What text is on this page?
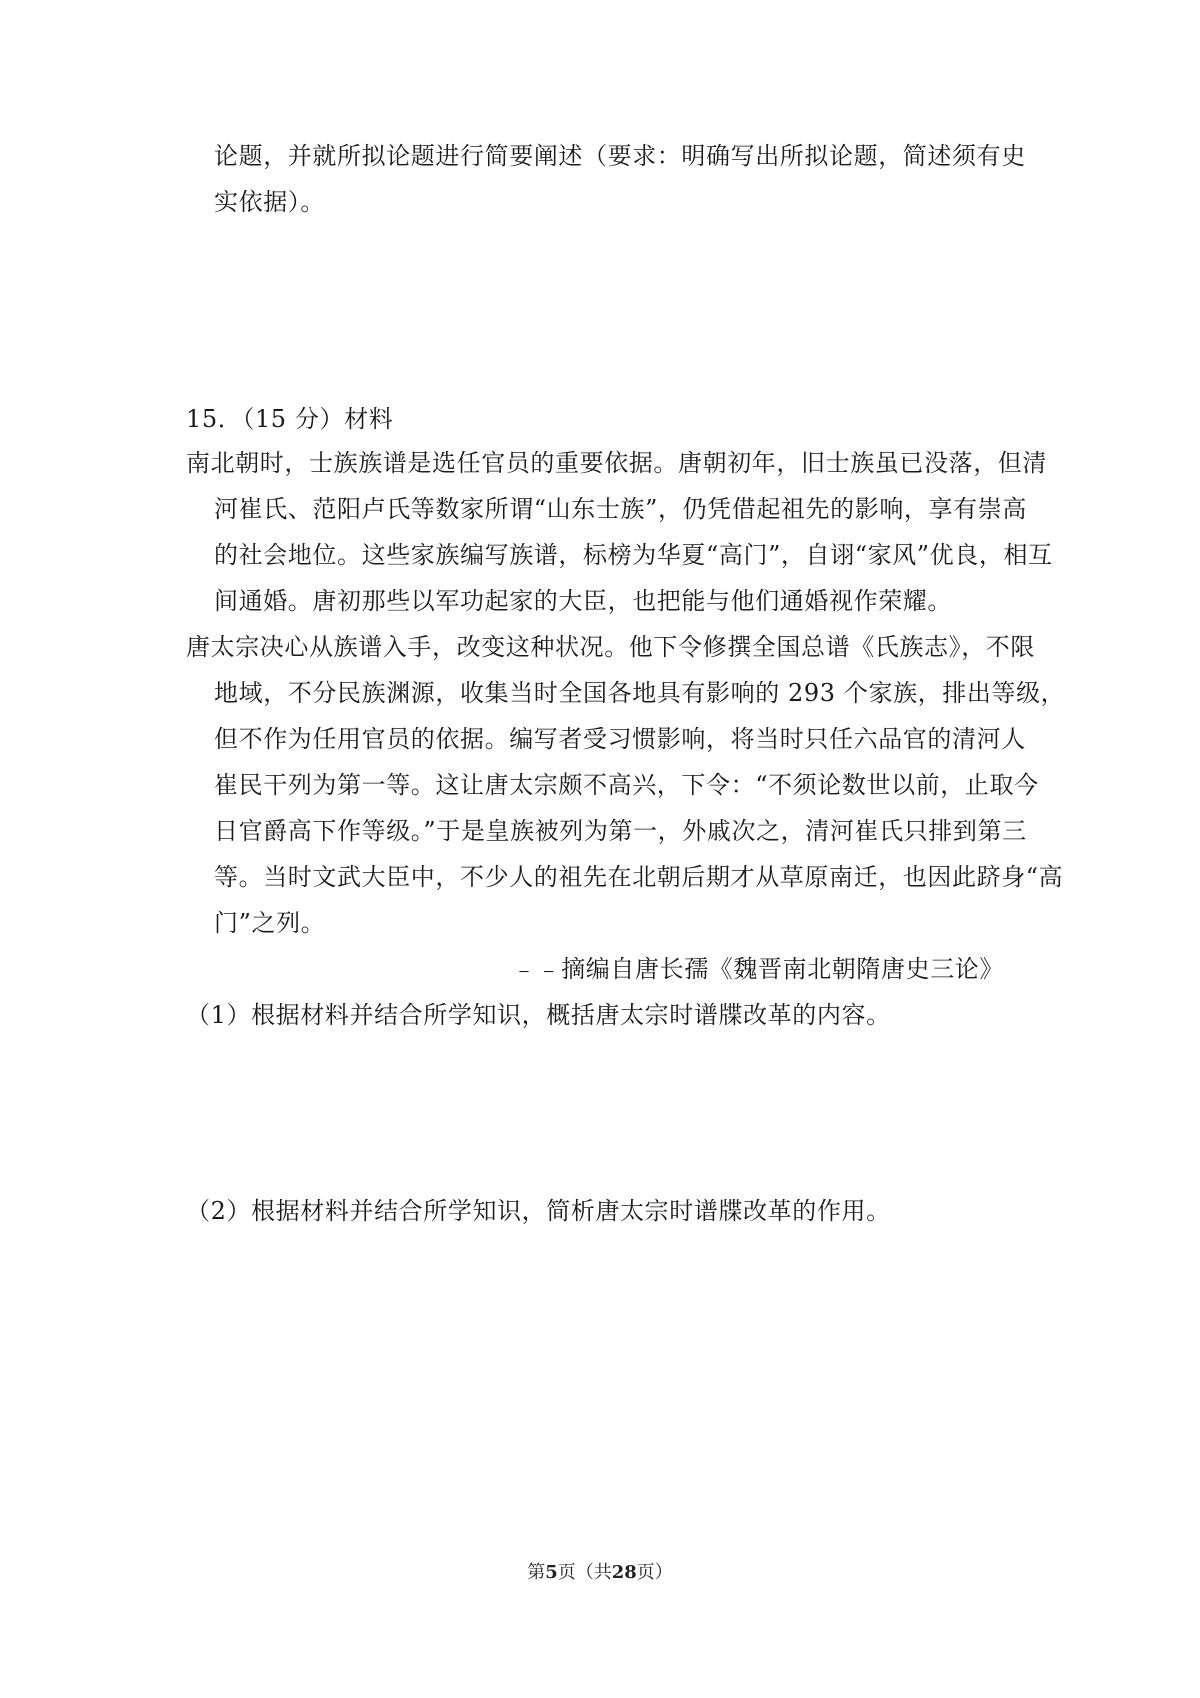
论题，并就所拟论题进行简要阐述（要求：明确写出所拟论题，简述须有史
实依据）。
15．（15 分）材料
南北朝时，士族族谱是选任官员的重要依据。唐朝初年，旧士族虽已没落，但清
河崔氏、范阳卢氏等数家所谓“山东士族”，仍凭借起祖先的影响，享有崇高
的社会地位。这些家族编写族谱，标榜为华夏“高门”，自诩“家风”优良，相互
间通婚。唐初那些以军功起家的大臣，也把能与他们通婚视作荣耀。
唐太宗决心从族谱入手，改变这种状况。他下令修撰全国总谱《氏族志》，不限
地域，不分民族渊源，收集当时全国各地具有影响的 293 个家族，排出等级，
但不作为任用官员的依据。编写者受习惯影响，将当时只任六品官的清河人
崔民干列为第一等。这让唐太宗颇不高兴，下令：“不须论数世以前，止取今
日官爵高下作等级。”于是皇族被列为第一，外戚次之，清河崔氏只排到第三
等。当时文武大臣中，不少人的祖先在北朝后期才从草原南迁，也因此跻身“高
门”之列。
﹣﹣摘编自唐长孺《魏晋南北朝隋唐史三论》
（1）根据材料并结合所学知识，概括唐太宗时谱牒改革的内容。
（2）根据材料并结合所学知识，简析唐太宗时谱牒改革的作用。
第5页（共28页）
